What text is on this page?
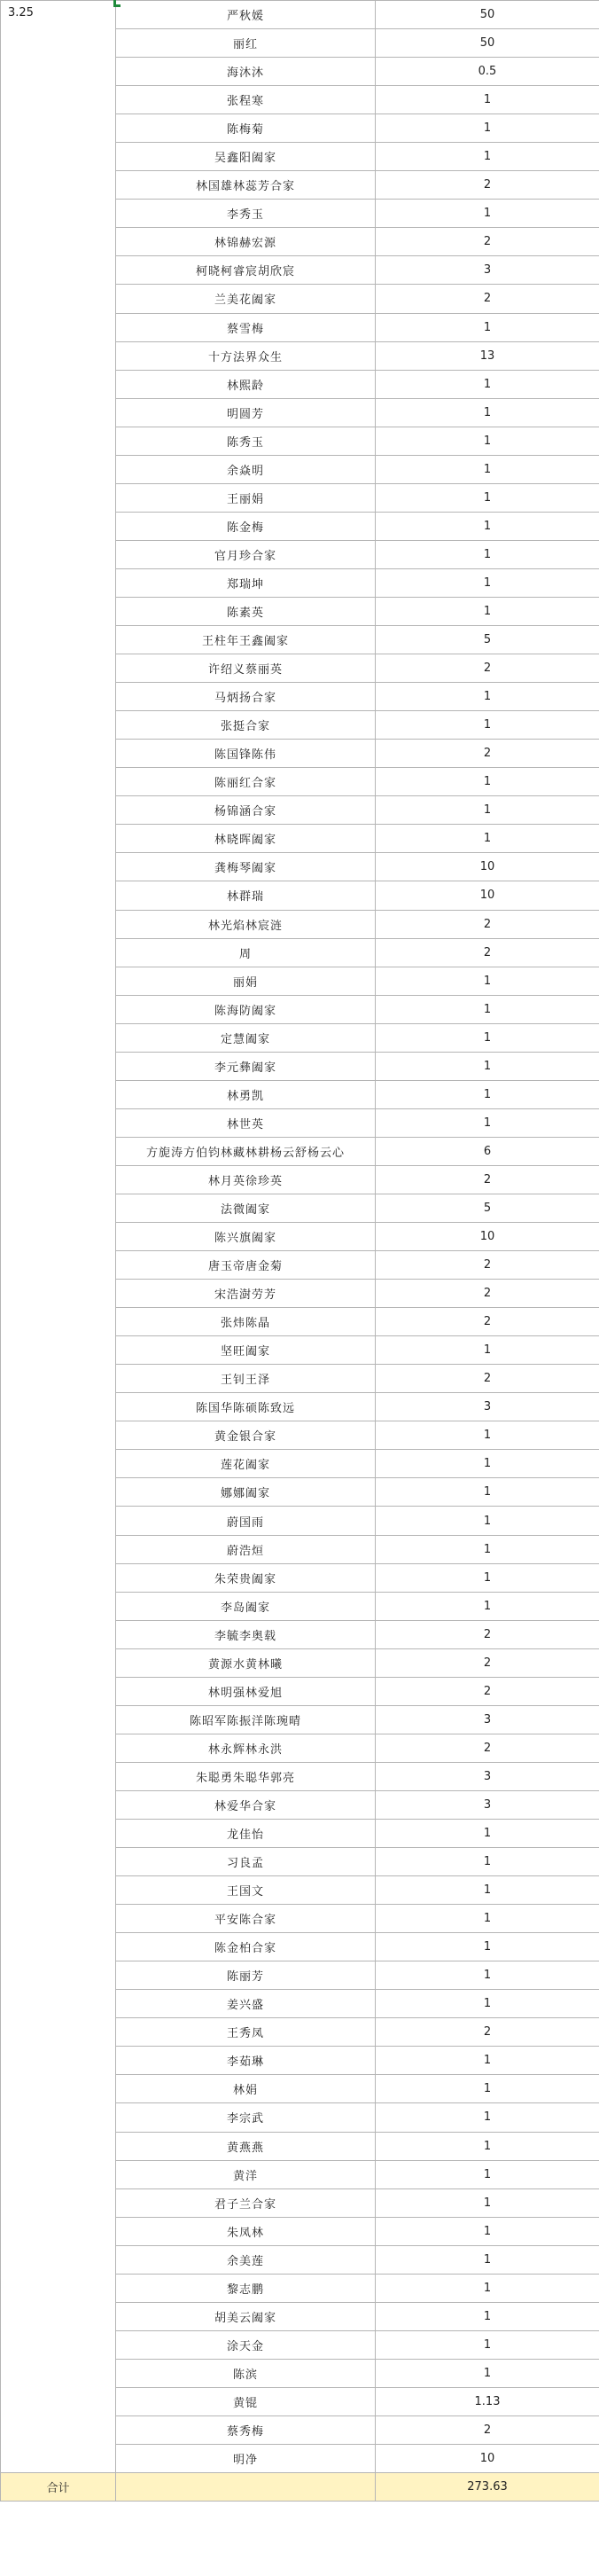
3.25	严秋媛	50
	丽红	50
	海沐沐	0.5
	张程寒	1
	陈梅菊	1
	吴鑫阳阖家	1
	林国雄林蕊芳合家	2
	李秀玉	1
	林锦赫宏源	2
	柯晓柯睿宸胡欣宸	3
	兰美花阖家	2
	蔡雪梅	1
	十方法界众生	13
	林熙龄	1
	明圆芳	1
	陈秀玉	1
	余焱明	1
	王丽娟	1
	陈金梅	1
	官月珍合家	1
	郑瑞坤	1
	陈素英	1
	王柱年王鑫阖家	5
	许绍义蔡丽英	2
	马炳扬合家	1
	张挺合家	1
	陈国锋陈伟	2
	陈丽红合家	1
	杨锦涵合家	1
	林晓晖阖家	1
	龚梅琴阖家	10
	林群瑞	10
	林光焰林宸涟	2
	周	2
	丽娟	1
	陈海防阖家	1
	定慧阖家	1
	李元彝阖家	1
	林勇凯	1
	林世英	1
	方旎涛方伯钧林藏林耕杨云舒杨云心	6
	林月英徐珍英	2
	法微阖家	5
	陈兴旗阖家	10
	唐玉帝唐金菊	2
	宋浩澍劳芳	2
	张炜陈晶	2
	坚旺阖家	1
	王钊王泽	2
	陈国华陈硕陈致远	3
	黄金银合家	1
	莲花阖家	1
	娜娜阖家	1
	蔚国雨	1
	蔚浩烜	1
	朱荣贵阖家	1
	李岛阖家	1
	李毓李奥载	2
	黄源水黄林曦	2
	林明强林爱旭	2
	陈昭军陈振洋陈琬晴	3
	林永辉林永洪	2
	朱聪勇朱聪华郭亮	3
	林爱华合家	3
	龙佳怡	1
	习良孟	1
	王国文	1
	平安陈合家	1
	陈金柏合家	1
	陈丽芳	1
	姜兴盛	1
	王秀凤	2
	李茹琳	1
	林娟	1
	李宗武	1
	黄燕燕	1
	黄洋	1
	君子兰合家	1
	朱凤林	1
	余美莲	1
	黎志鹏	1
	胡美云阖家	1
	涂天金	1
	陈滨	1
	黄锟	1.13
	蔡秀梅	2
	明净	10
合计		273.63
